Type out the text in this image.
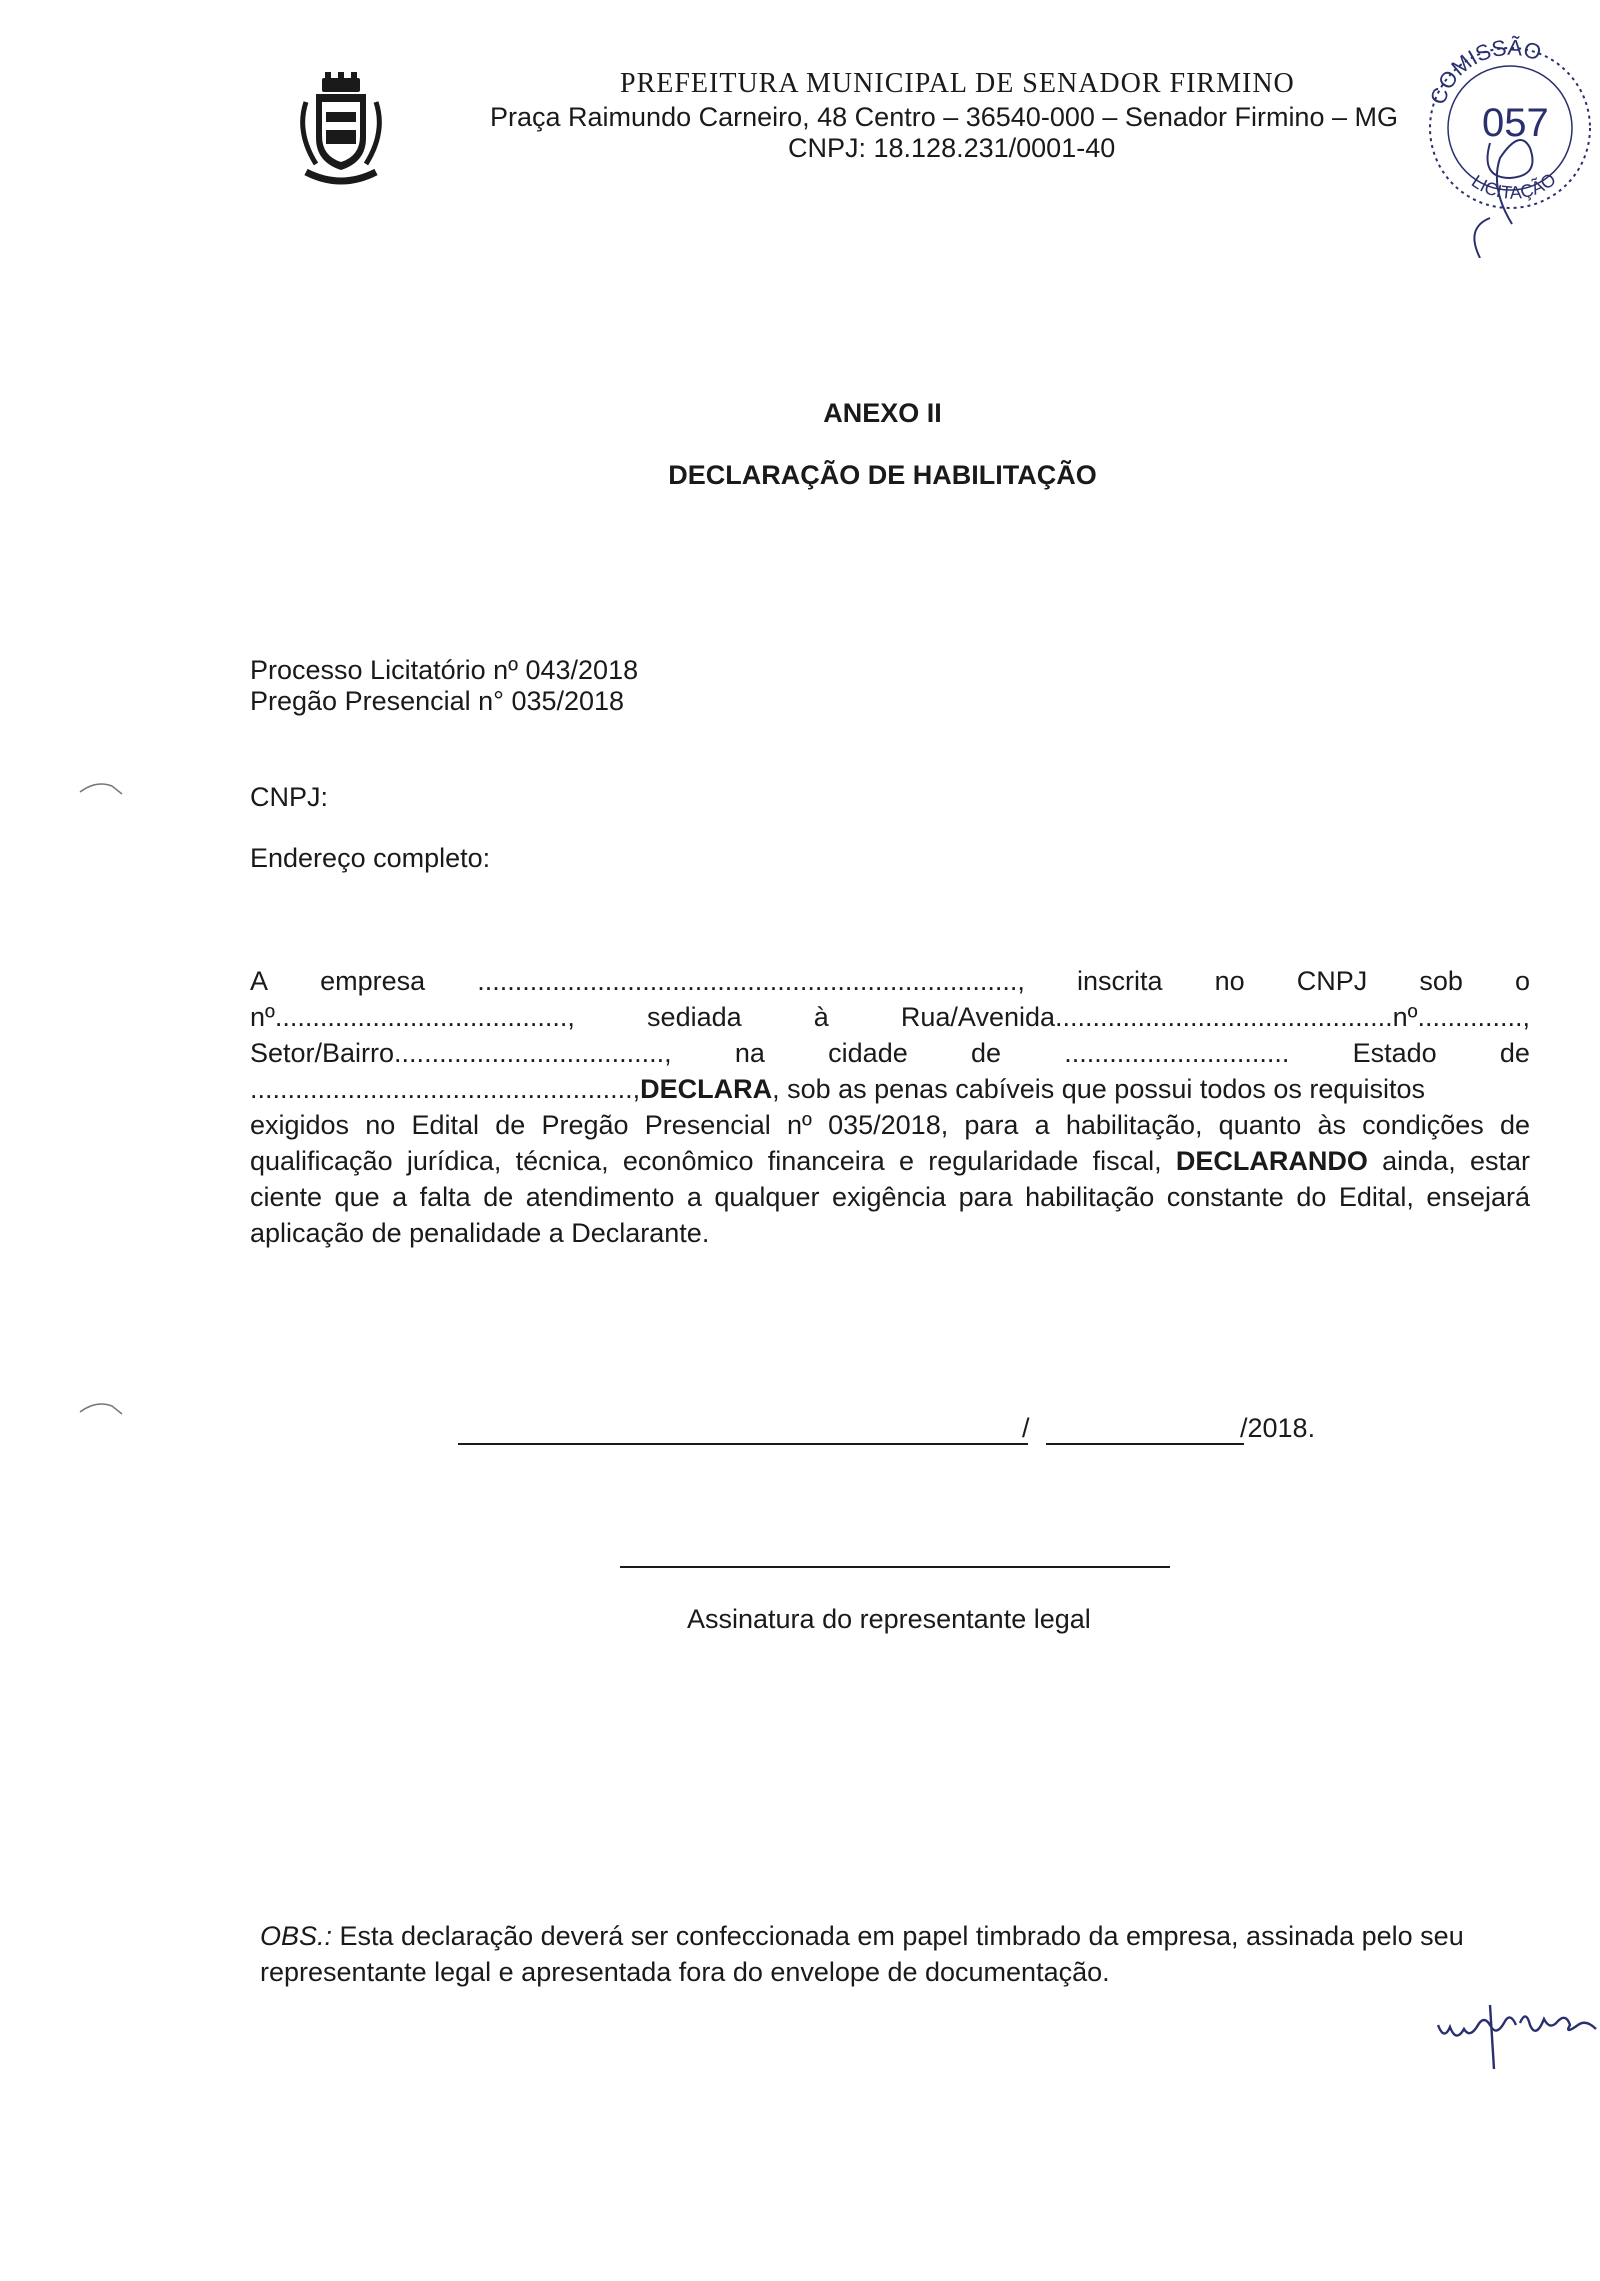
PREFEITURA MUNICIPAL DE SENADOR FIRMINO
Praça Raimundo Carneiro, 48 Centro – 36540-000 – Senador Firmino – MG
CNPJ: 18.128.231/0001-40
COMISSÃO
LICITAÇÃO
057
ANEXO II
DECLARAÇÃO DE HABILITAÇÃO
Processo Licitatório nº 043/2018
Pregão Presencial n° 035/2018
CNPJ:
Endereço completo:
A empresa ........................................................................, inscrita no CNPJ sob o
nº.......................................,	sediada	à	Rua/Avenida.............................................nº..............,
Setor/Bairro...................................., na cidade de .............................. Estado de
...................................................,DECLARA, sob as penas cabíveis que possui todos os requisitos
exigidos no Edital de Pregão Presencial nº 035/2018, para a habilitação, quanto às condições de
qualificação jurídica, técnica, econômico financeira e regularidade fiscal, DECLARANDO ainda, estar
ciente que a falta de atendimento a qualquer exigência para habilitação constante do Edital, ensejará
aplicação de penalidade a Declarante.
/	/2018.
Assinatura do representante legal
OBS.: Esta declaração deverá ser confeccionada em papel timbrado da empresa, assinada pelo seu
representante legal e apresentada fora do envelope de documentação.
